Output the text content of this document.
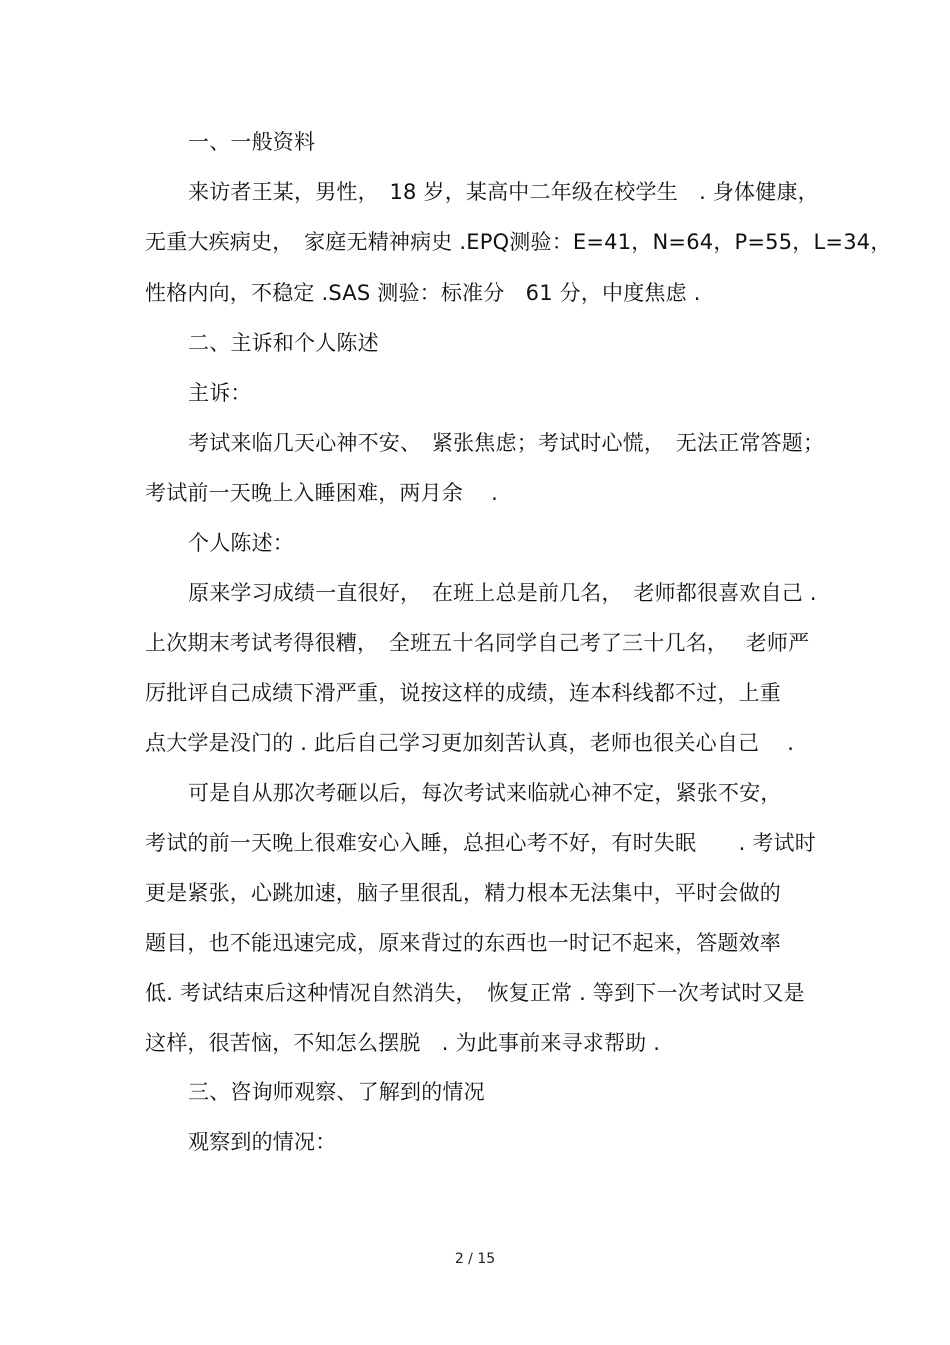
一、一般资料
来访者王某，男性，　18 岁，某高中二年级在校学生　. 身体健康，
无重大疾病史，　家庭无精神病史 .EPQ测验：E=41，N=64，P=55，L=34，
性格内向，不稳定 .SAS 测验：标准分　61 分，中度焦虑 .
二、主诉和个人陈述
主诉：
考试来临几天心神不安、　紧张焦虑；考试时心慌，　无法正常答题；
考试前一天晚上入睡困难，两月余　 .
个人陈述：
原来学习成绩一直很好，　在班上总是前几名，　老师都很喜欢自己 .
上次期末考试考得很糟，　全班五十名同学自己考了三十几名，　 老师严
厉批评自己成绩下滑严重，说按这样的成绩，连本科线都不过，上重
点大学是没门的 . 此后自己学习更加刻苦认真，老师也很关心自己　 .
可是自从那次考砸以后，每次考试来临就心神不定，紧张不安，
考试的前一天晚上很难安心入睡，总担心考不好，有时失眠　　. 考试时
更是紧张，心跳加速，脑子里很乱，精力根本无法集中，平时会做的
题目，也不能迅速完成，原来背过的东西也一时记不起来，答题效率
低. 考试结束后这种情况自然消失，　恢复正常 . 等到下一次考试时又是
这样，很苦恼，不知怎么摆脱　. 为此事前来寻求帮助 .
三、咨询师观察、了解到的情况
观察到的情况：
2 / 15
